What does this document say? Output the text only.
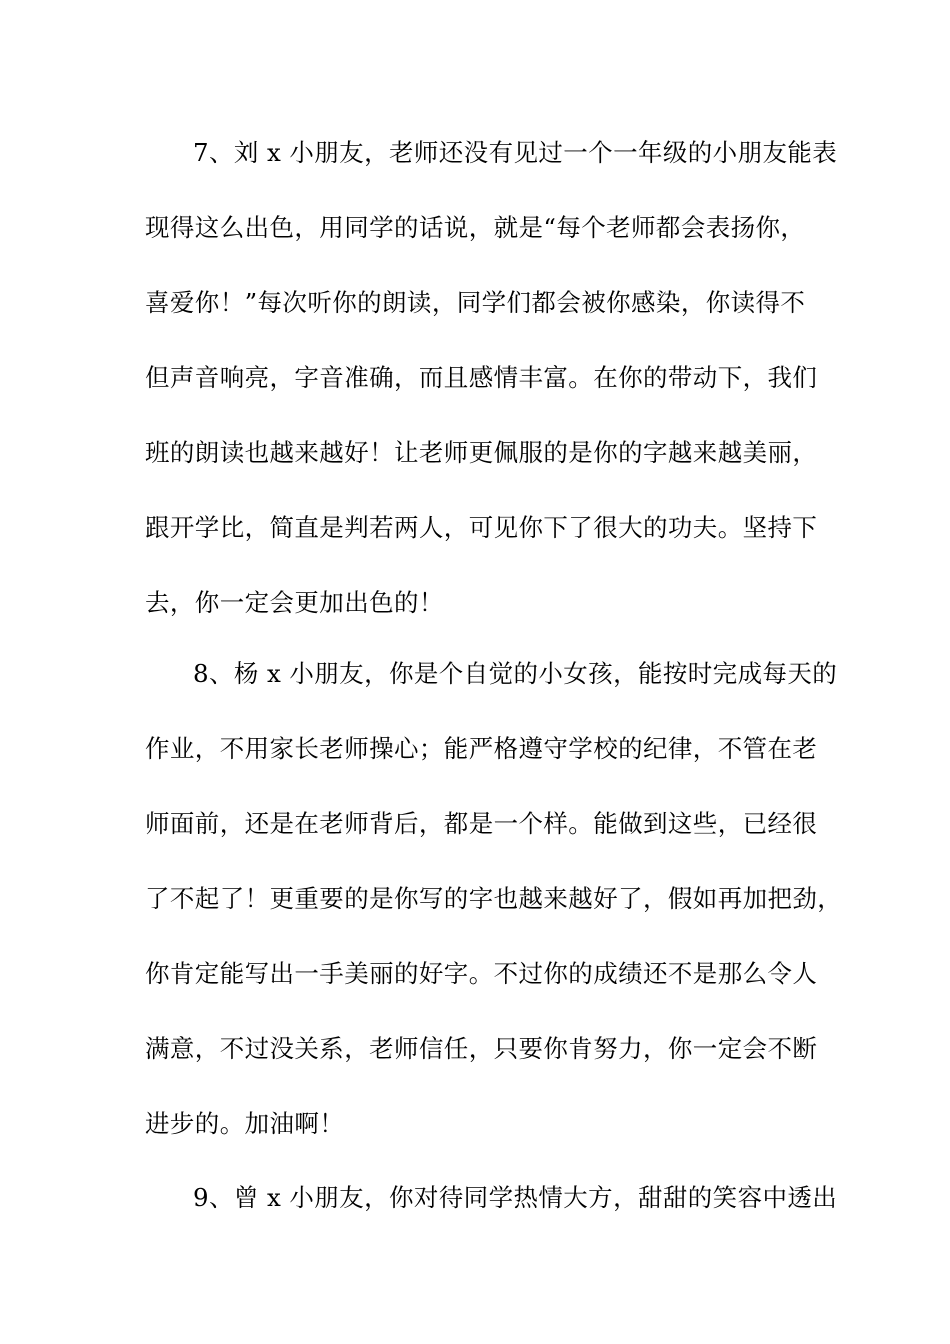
7、刘 x 小朋友，老师还没有见过一个一年级的小朋友能表
现得这么出色，用同学的话说，就是“每个老师都会表扬你，
喜爱你！”每次听你的朗读，同学们都会被你感染，你读得不
但声音响亮，字音准确，而且感情丰富。在你的带动下，我们
班的朗读也越来越好！让老师更佩服的是你的字越来越美丽，
跟开学比，简直是判若两人，可见你下了很大的功夫。坚持下
去，你一定会更加出色的！
8、杨 x 小朋友，你是个自觉的小女孩，能按时完成每天的
作业，不用家长老师操心；能严格遵守学校的纪律，不管在老
师面前，还是在老师背后，都是一个样。能做到这些，已经很
了不起了！更重要的是你写的字也越来越好了，假如再加把劲，
你肯定能写出一手美丽的好字。不过你的成绩还不是那么令人
满意，不过没关系，老师信任，只要你肯努力，你一定会不断
进步的。加油啊！
9、曾 x 小朋友，你对待同学热情大方，甜甜的笑容中透出
